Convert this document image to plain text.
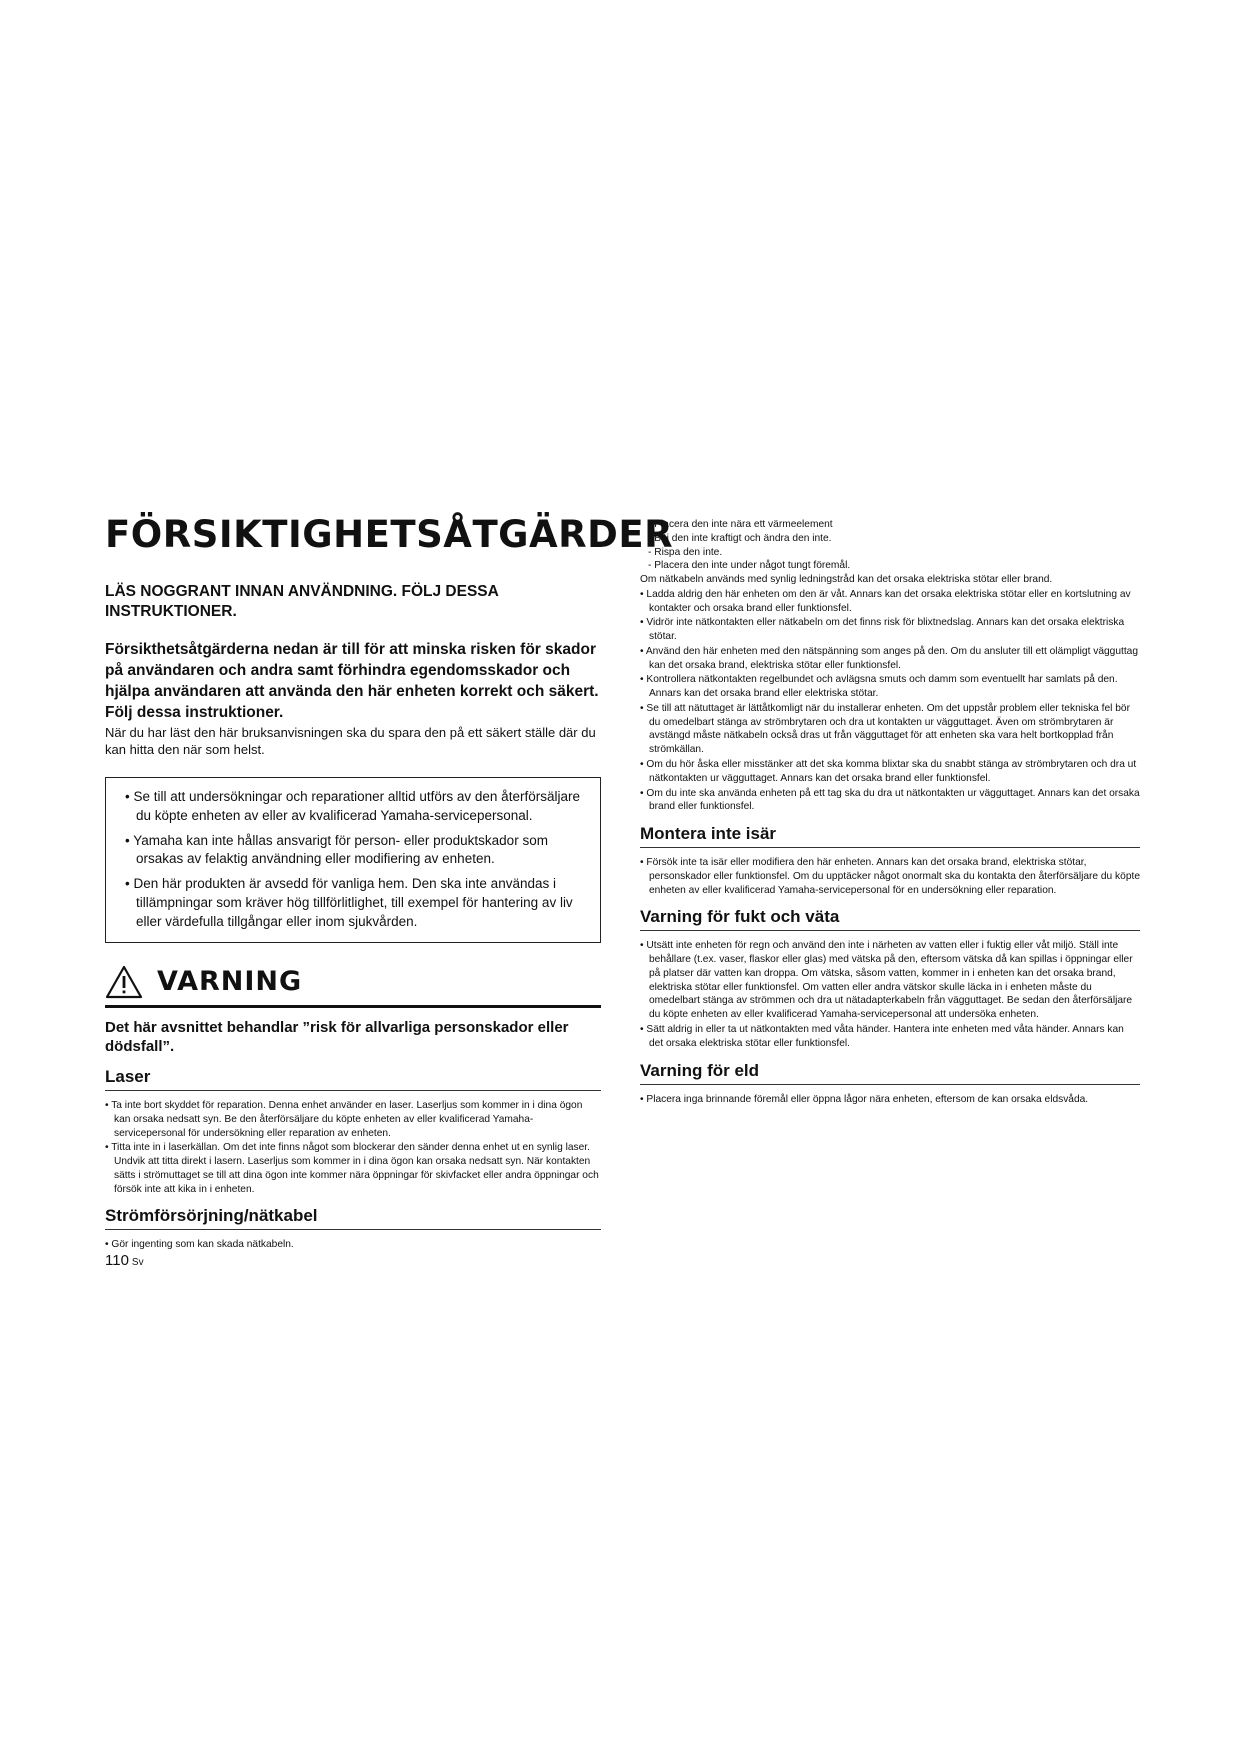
FÖRSIKTIGHETSÅTGÄRDER

LÄS NOGGRANT INNAN ANVÄNDNING. FÖLJ DESSA INSTRUKTIONER.

Försikthetsåtgärderna nedan är till för att minska risken för skador på användaren och andra samt förhindra egendomsskador och hjälpa användaren att använda den här enheten korrekt och säkert. Följ dessa instruktioner.

När du har läst den här bruksanvisningen ska du spara den på ett säkert ställe där du kan hitta den när som helst.

• Se till att undersökningar och reparationer alltid utförs av den återförsäljare du köpte enheten av eller av kvalificerad Yamaha-servicepersonal.
• Yamaha kan inte hållas ansvarigt för person- eller produktskador som orsakas av felaktig användning eller modifiering av enheten.
• Den här produkten är avsedd för vanliga hem. Den ska inte användas i tillämpningar som kräver hög tillförlitlighet, till exempel för hantering av liv eller värdefulla tillgångar eller inom sjukvården.
VARNING

Det här avsnittet behandlar ”risk för allvarliga personskador eller dödsfall”.

Laser
• Ta inte bort skyddet för reparation. Denna enhet använder en laser. Laserljus som kommer in i dina ögon kan orsaka nedsatt syn. Be den återförsäljare du köpte enheten av eller kvalificerad Yamaha-servicepersonal för undersökning eller reparation av enheten.
• Titta inte in i laserkällan. Om det inte finns något som blockerar den sänder denna enhet ut en synlig laser. Undvik att titta direkt i lasern. Laserljus som kommer in i dina ögon kan orsaka nedsatt syn. När kontakten sätts i strömuttaget se till att dina ögon inte kommer nära öppningar för skivfacket eller andra öppningar och försök inte att kika in i enheten.
Strömförsörjning/nätkabel
• Gör ingenting som kan skada nätkabeln.
- Placera den inte nära ett värmeelement
- Böj den inte kraftigt och ändra den inte.
- Rispa den inte.
- Placera den inte under något tungt föremål.

Om nätkabeln används med synlig ledningstråd kan det orsaka elektriska stötar eller brand.

• Ladda aldrig den här enheten om den är våt. Annars kan det orsaka elektriska stötar eller en kortslutning av kontakter och orsaka brand eller funktionsfel.
• Vidrör inte nätkontakten eller nätkabeln om det finns risk för blixtnedslag. Annars kan det orsaka elektriska stötar.
• Använd den här enheten med den nätspänning som anges på den. Om du ansluter till ett olämpligt vägguttag kan det orsaka brand, elektriska stötar eller funktionsfel.
• Kontrollera nätkontakten regelbundet och avlägsna smuts och damm som eventuellt har samlats på den. Annars kan det orsaka brand eller elektriska stötar.
• Se till att nätuttaget är lättåtkomligt när du installerar enheten. Om det uppstår problem eller tekniska fel bör du omedelbart stänga av strömbrytaren och dra ut kontakten ur vägguttaget. Även om strömbrytaren är avstängd måste nätkabeln också dras ut från vägguttaget för att enheten ska vara helt bortkopplad från strömkällan.
• Om du hör åska eller misstänker att det ska komma blixtar ska du snabbt stänga av strömbrytaren och dra ut nätkontakten ur vägguttaget. Annars kan det orsaka brand eller funktionsfel.
• Om du inte ska använda enheten på ett tag ska du dra ut nätkontakten ur vägguttaget. Annars kan det orsaka brand eller funktionsfel.
Montera inte isär
• Försök inte ta isär eller modifiera den här enheten. Annars kan det orsaka brand, elektriska stötar, personskador eller funktionsfel. Om du upptäcker något onormalt ska du kontakta den återförsäljare du köpte enheten av eller kvalificerad Yamaha-servicepersonal för en undersökning eller reparation.
Varning för fukt och väta
• Utsätt inte enheten för regn och använd den inte i närheten av vatten eller i fuktig eller våt miljö. Ställ inte behållare (t.ex. vaser, flaskor eller glas) med vätska på den, eftersom vätska då kan spillas i öppningar eller på platser där vatten kan droppa. Om vätska, såsom vatten, kommer in i enheten kan det orsaka brand, elektriska stötar eller funktionsfel. Om vatten eller andra vätskor skulle läcka in i enheten måste du omedelbart stänga av strömmen och dra ut nätadapterkabeln från vägguttaget. Be sedan den återförsäljare du köpte enheten av eller kvalificerad Yamaha-servicepersonal att undersöka enheten.
• Sätt aldrig in eller ta ut nätkontakten med våta händer. Hantera inte enheten med våta händer. Annars kan det orsaka elektriska stötar eller funktionsfel.
Varning för eld
• Placera inga brinnande föremål eller öppna lågor nära enheten, eftersom de kan orsaka eldsvåda.
110 Sv
